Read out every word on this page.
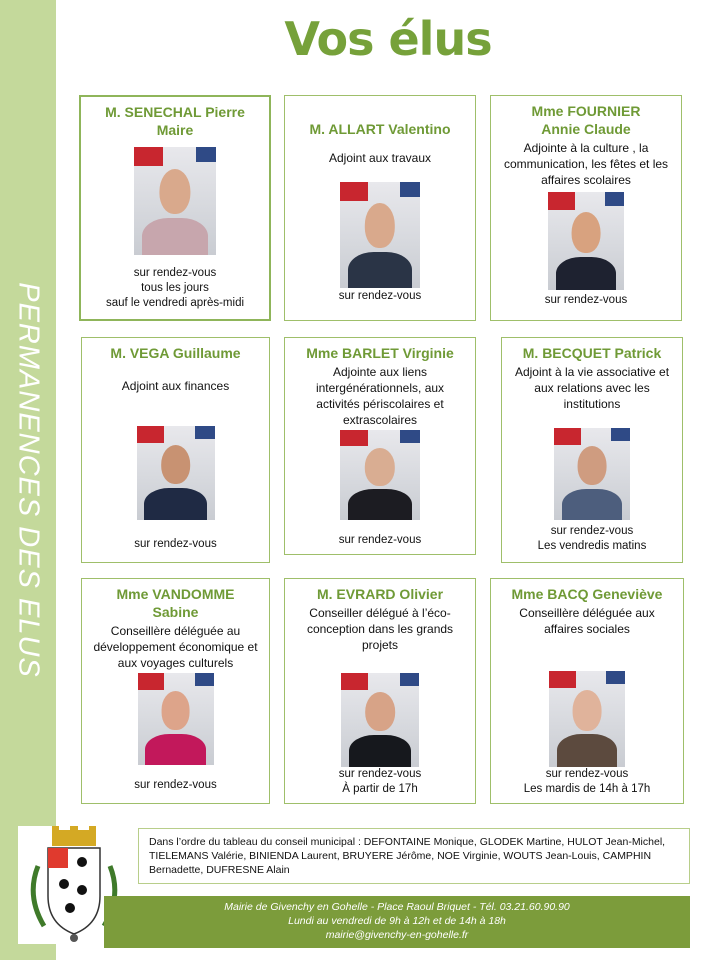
PERMANENCES DES ELUS
Vos élus
M. SENECHAL Pierre Maire
sur rendez-vous
tous les jours
sauf le vendredi après-midi
M. ALLART Valentino
Adjoint aux travaux
sur rendez-vous
Mme FOURNIER Annie Claude
Adjointe à la culture , la communication, les fêtes et les affaires scolaires
sur rendez-vous
M. VEGA Guillaume
Adjoint aux finances
sur rendez-vous
Mme BARLET Virginie
Adjointe aux liens intergénérationnels, aux activités périscolaires et extrascolaires
sur rendez-vous
M. BECQUET Patrick
Adjoint à la vie associative et aux relations avec les institutions
sur rendez-vous
Les vendredis matins
Mme VANDOMME Sabine
Conseillère déléguée au développement économique et aux voyages culturels
sur rendez-vous
M. EVRARD Olivier
Conseiller délégué à l’éco-conception dans les grands projets
sur rendez-vous
À partir de 17h
Mme BACQ Geneviève
Conseillère déléguée aux affaires sociales
sur rendez-vous
Les mardis de 14h à 17h
Dans l’ordre du tableau du conseil municipal : DEFONTAINE Monique, GLODEK Martine, HULOT Jean-Michel, TIELEMANS Valérie, BINIENDA Laurent, BRUYERE Jérôme, NOE Virginie, WOUTS Jean-Louis, CAMPHIN Bernadette, DUFRESNE Alain
Mairie de Givenchy en Gohelle - Place Raoul Briquet - Tél. 03.21.60.90.90
Lundi au vendredi de 9h à 12h et de 14h à 18h
mairie@givenchy-en-gohelle.fr
